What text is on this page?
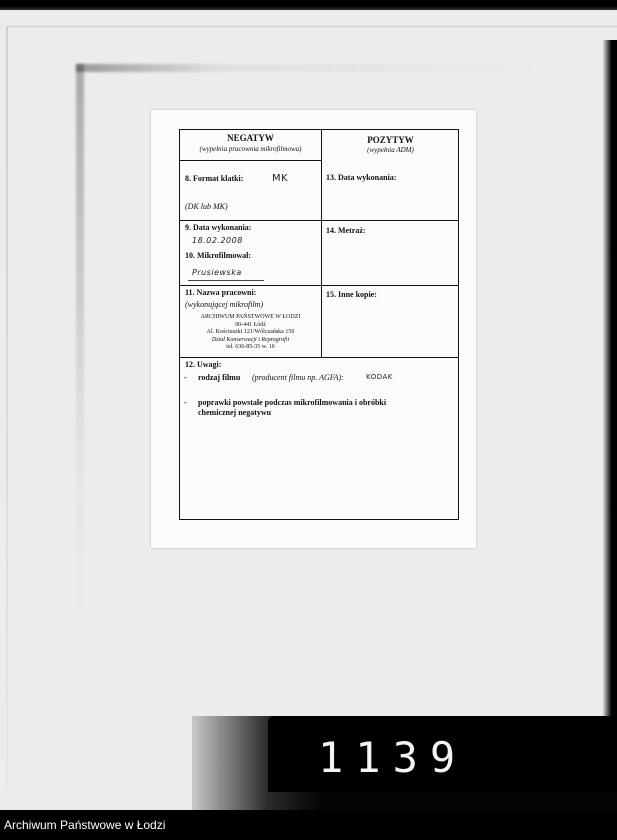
NEGATYW
(wypełnia pracownia mikrofilmowa)
POZYTYW
(wypełnia ADM)
8. Format klatki:	MK
(DK lub MK)
13. Data wykonania:
9. Data wykonania:
18.02.2008
14. Metraż:
10. Mikrofilmował:
Prusiewska
11. Nazwa pracowni:
(wykonującej mikrofilm)
15. Inne kopie:
ARCHIWUM PAŃSTWOWE W ŁODZI
90-441 Łódź
Al. Kościuszki 121/Wólczańska 150
Dział Konserwacji i Reprografii
tel. 636-85-35 w. 16
12. Uwagi:
- rodzaj filmu (producent filmu np. AGFA):	KODAK
- poprawki powstałe podczas mikrofilmowania i obróbki
chemicznej negatywu
1139
Archiwum Państwowe w Łodzi
